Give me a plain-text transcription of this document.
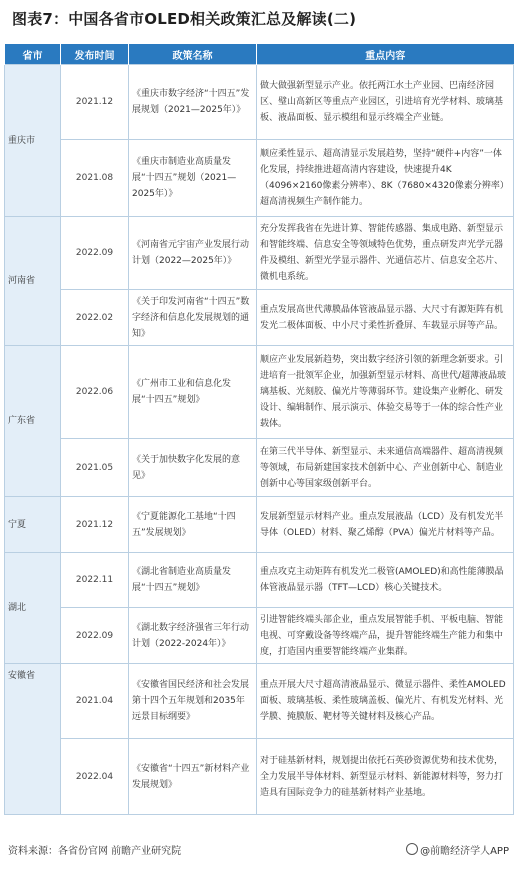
图表7：中国各省市OLED相关政策汇总及解读(二)
省市	发布时间	政策名称	重点内容
重庆市	2021.12	《重庆市数字经济“十四五”发展规划（2021—2025年）》	做大做强新型显示产业。依托两江水土产业园、巴南经济园区、璧山高新区等重点产业园区，引进培育光学材料、玻璃基板、液晶面板、显示模组和显示终端全产业链。
	2021.08	《重庆市制造业高质量发展“十四五”规划（2021—2025年）》	顺应柔性显示、超高清显示发展趋势，坚持“硬件+内容”一体化发展，持续推进超高清内容建设，快速提升4K（4096×2160像素分辨率）、8K（7680×4320像素分辨率）超高清视频生产制作能力。
河南省	2022.09	《河南省元宇宙产业发展行动计划（2022—2025年）》	充分发挥我省在先进计算、智能传感器、集成电路、新型显示和智能终端、信息安全等领域特色优势，重点研发声光学元器件及模组、新型光学显示器件、光通信芯片、信息安全芯片、微机电系统。
	2022.02	《关于印发河南省“十四五”数字经济和信息化发展规划的通知》	重点发展高世代薄膜晶体管液晶显示器、大尺寸有源矩阵有机发光二极体面板、中小尺寸柔性折叠屏、车载显示屏等产品。
广东省	2022.06	《广州市工业和信息化发展“十四五”规划》	顺应产业发展新趋势，突出数字经济引领的新理念新要求。引进培育一批领军企业，加强新型显示材料、高世代/超薄液晶玻璃基板、光刻胶、偏光片等薄弱环节。建设集产业孵化、研发设计、编辑制作、展示演示、体验交易等于一体的综合性产业载体。
	2021.05	《关于加快数字化发展的意见》	在第三代半导体、新型显示、未来通信高端器件、超高清视频等领域，布局新建国家技术创新中心、产业创新中心、制造业创新中心等国家级创新平台。
宁夏	2021.12	《宁夏能源化工基地“十四五”发展规划》	发展新型显示材料产业。重点发展液晶（LCD）及有机发光半导体（OLED）材料、聚乙烯醇（PVA）偏光片材料等产品。
湖北	2022.11	《湖北省制造业高质量发展“十四五”规划》	重点攻克主动矩阵有机发光二极管(AMOLED)和高性能薄膜晶体管液晶显示器（TFT—LCD）核心关键技术。
	2022.09	《湖北数字经济强省三年行动计划（2022-2024年）》	引进智能终端头部企业，重点发展智能手机、平板电脑、智能电视、可穿戴设备等终端产品，提升智能终端生产能力和集中度，打造国内重要智能终端产业集群。
安徽省	2021.04	《安徽省国民经济和社会发展第十四个五年规划和2035年远景目标纲要》	重点开展大尺寸超高清液晶显示、微显示器件、柔性AMOLED面板、玻璃基板、柔性玻璃盖板、偏光片、有机发光材料、光学膜、掩膜版、靶材等关键材料及核心产品。
	2022.04	《安徽省“十四五”新材料产业发展规划》	对于硅基新材料，规划提出依托石英砂资源优势和技术优势，全力发展半导体材料、新型显示材料、新能源材料等，努力打造具有国际竞争力的硅基新材料产业基地。
资料来源：各省份官网 前瞻产业研究院	@前瞻经济学人APP
